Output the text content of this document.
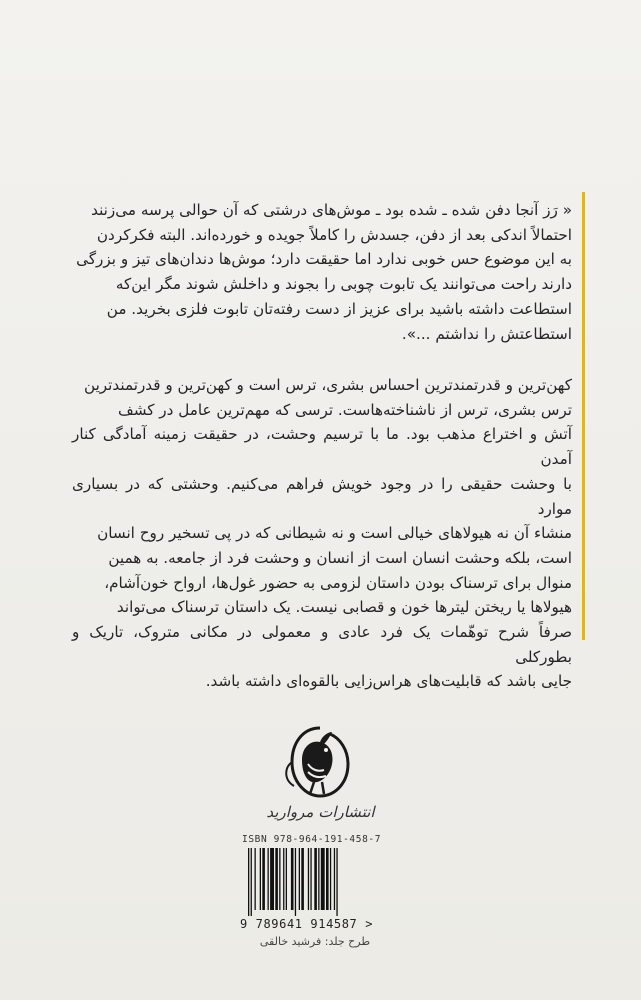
« رَز آنجا دفن شده ـ شده بود ـ موش‌های درشتی که آن حوالی پرسه می‌زنند

احتمالاً اندکی بعد از دفن، جسدش را کاملاً جویده و خورده‌اند. البته فکرکردن

به این موضوع حس خوبی ندارد اما حقیقت دارد؛ موش‌ها دندان‌های تیز و بزرگی

دارند راحت می‌توانند یک تابوت چوبی را بجوند و داخلش شوند مگر این‌که

استطاعت داشته باشید برای عزیز از دست رفته‌تان تابوت فلزی بخرید. من

استطاعتش را نداشتم ...».

کهن‌ترین و قدرتمندترین احساس بشری، ترس است و کهن‌ترین و قدرتمندترین

ترس بشری، ترس از ناشناخته‌هاست. ترسی که مهم‌ترین عامل در کشف

آتش و اختراع مذهب بود. ما با ترسیم وحشت، در حقیقت زمینه آمادگی کنار آمدن

با وحشت حقیقی را در وجود خویش فراهم می‌کنیم. وحشتی که در بسیاری موارد

منشاء آن نه هیولاهای خیالی است و نه شیطانی که در پی تسخیر روح انسان

است، بلکه وحشت انسان است از انسان و وحشت فرد از جامعه. به همین

منوال برای ترسناک بودن داستان لزومی به حضور غول‌ها، ارواح خون‌آشام،

هیولاها یا ریختن لیترها خون و قصابی نیست. یک داستان ترسناک می‌تواند

صرفاً شرح توهّمات یک فرد عادی و معمولی در مکانی متروک، تاریک و بطورکلی

جایی باشد که قابلیت‌های هراس‌زایی بالقوه‌ای داشته باشد.

انتشارات مروارید
ISBN 978-964-191-458-7
9 789641 914587 >
طرح جلد: فرشید خالقی
